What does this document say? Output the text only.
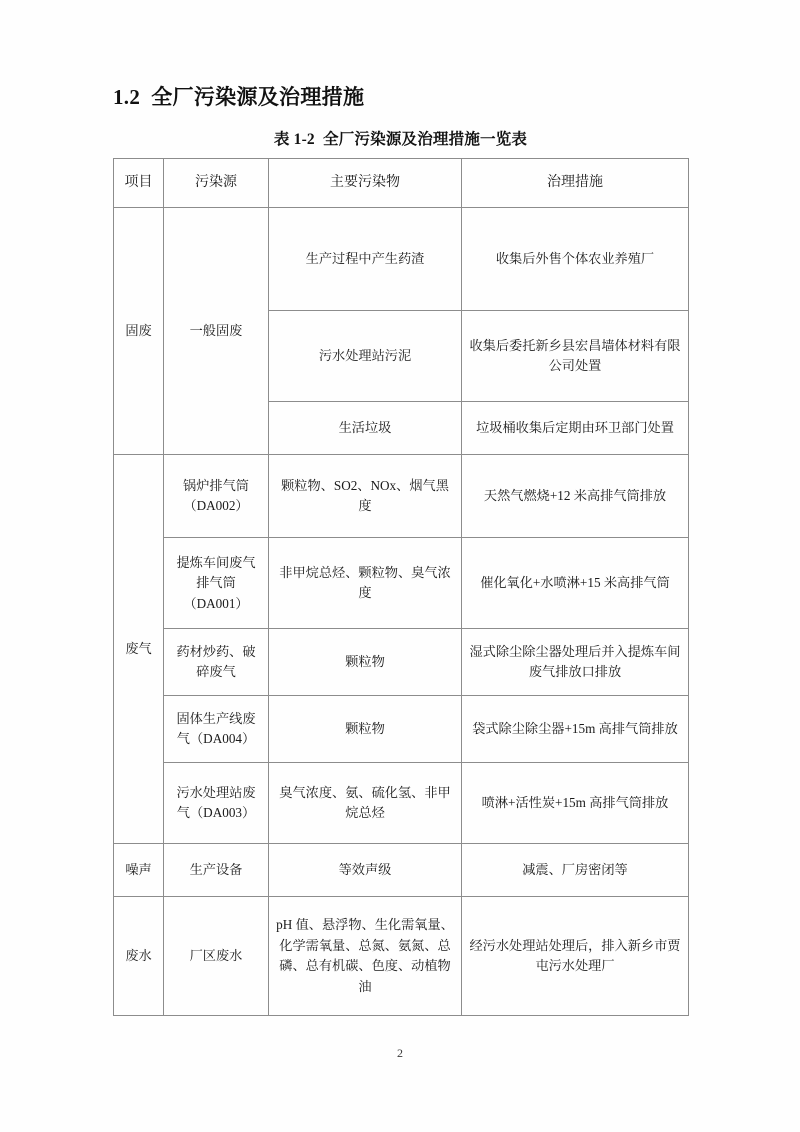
1.2  全厂污染源及治理措施
表 1-2  全厂污染源及治理措施一览表
项目	污染源	主要污染物	治理措施
固废	一般固废	生产过程中产生药渣	收集后外售个体农业养殖厂
		污水处理站污泥	收集后委托新乡县宏昌墙体材料有限公司处置
		生活垃圾	垃圾桶收集后定期由环卫部门处置
废气	锅炉排气筒（DA002）	颗粒物、SO2、NOx、烟气黑度	天然气燃烧+12 米高排气筒排放
	提炼车间废气排气筒（DA001）	非甲烷总烃、颗粒物、臭气浓度	催化氧化+水喷淋+15 米高排气筒
	药材炒药、破碎废气	颗粒物	湿式除尘除尘器处理后并入提炼车间废气排放口排放
	固体生产线废气（DA004）	颗粒物	袋式除尘除尘器+15m 高排气筒排放
	污水处理站废气（DA003）	臭气浓度、氨、硫化氢、非甲烷总烃	喷淋+活性炭+15m 高排气筒排放
噪声	生产设备	等效声级	减震、厂房密闭等
废水	厂区废水	pH 值、悬浮物、生化需氧量、化学需氧量、总氮、氨氮、总磷、总有机碳、色度、动植物油	经污水处理站处理后，排入新乡市贾屯污水处理厂
2
